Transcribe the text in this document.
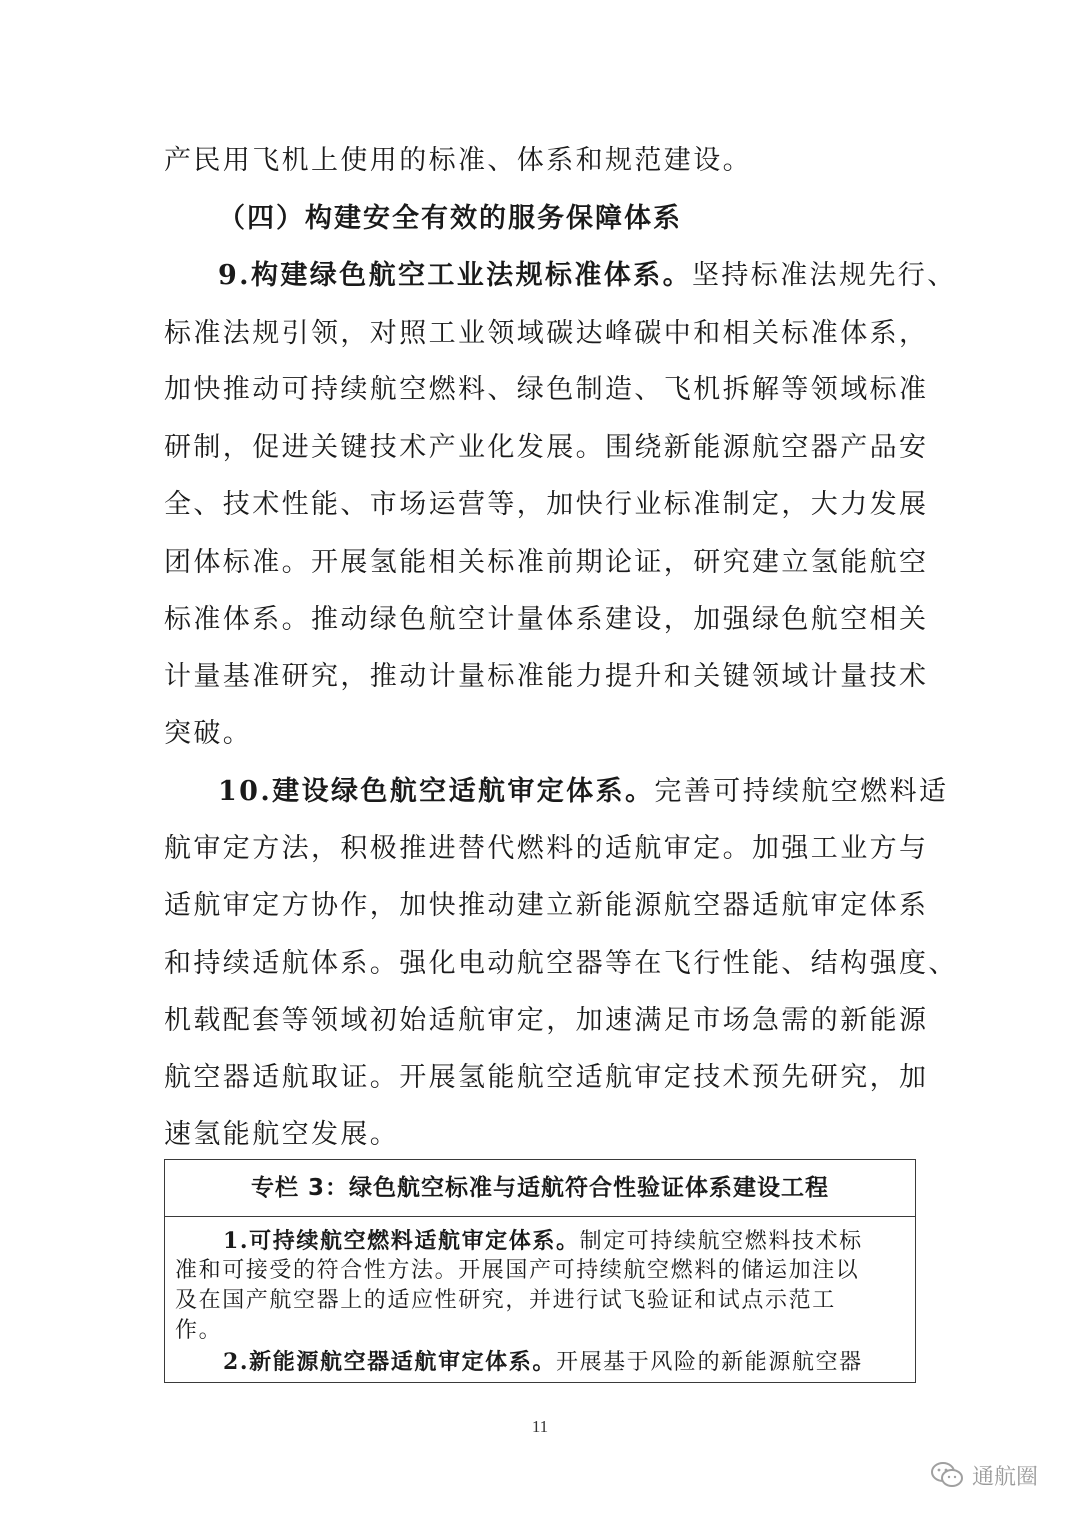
产民用飞机上使用的标准、体系和规范建设。

（四）构建安全有效的服务保障体系

9.构建绿色航空工业法规标准体系。坚持标准法规先行、

标准法规引领，对照工业领域碳达峰碳中和相关标准体系，

加快推动可持续航空燃料、绿色制造、飞机拆解等领域标准

研制，促进关键技术产业化发展。围绕新能源航空器产品安

全、技术性能、市场运营等，加快行业标准制定，大力发展

团体标准。开展氢能相关标准前期论证，研究建立氢能航空

标准体系。推动绿色航空计量体系建设，加强绿色航空相关

计量基准研究，推动计量标准能力提升和关键领域计量技术

突破。

10.建设绿色航空适航审定体系。完善可持续航空燃料适

航审定方法，积极推进替代燃料的适航审定。加强工业方与

适航审定方协作，加快推动建立新能源航空器适航审定体系

和持续适航体系。强化电动航空器等在飞行性能、结构强度、

机载配套等领域初始适航审定，加速满足市场急需的新能源

航空器适航取证。开展氢能航空适航审定技术预先研究，加

速氢能航空发展。

专栏 3：绿色航空标准与适航符合性验证体系建设工程

1.可持续航空燃料适航审定体系。制定可持续航空燃料技术标

准和可接受的符合性方法。开展国产可持续航空燃料的储运加注以

及在国产航空器上的适应性研究，并进行试飞验证和试点示范工

作。

2.新能源航空器适航审定体系。开展基于风险的新能源航空器

11
通航圈
